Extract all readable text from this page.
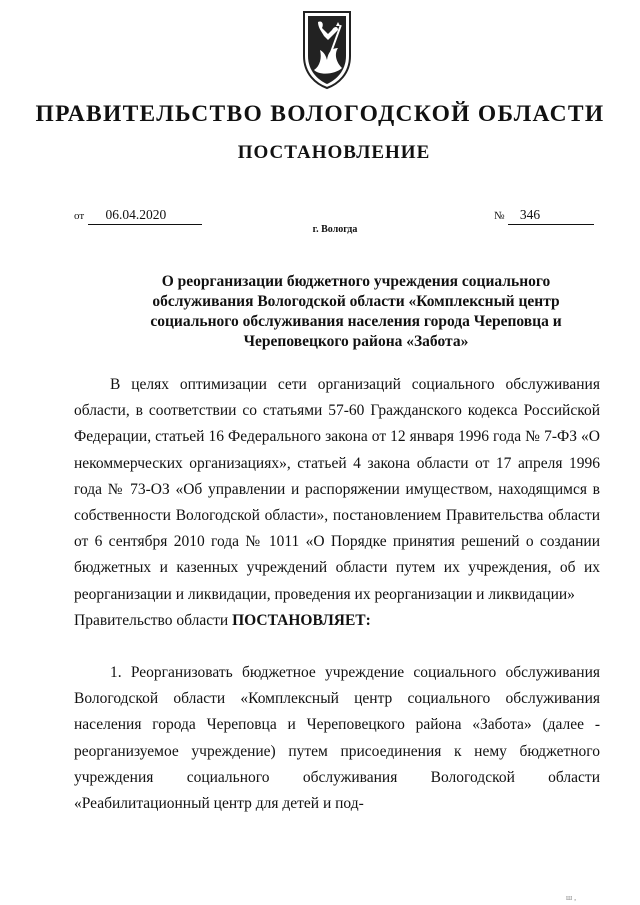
ПРАВИТЕЛЬСТВО ВОЛОГОДСКОЙ ОБЛАСТИ
ПОСТАНОВЛЕНИЕ
от 06.04.2020	№ 346
г. Вологда
О реорганизации бюджетного учреждения социального обслуживания Вологодской области «Комплексный центр социального обслуживания населения города Череповца и Череповецкого района «Забота»

В целях оптимизации сети организаций социального обслуживания области, в соответствии со статьями 57-60 Гражданского кодекса Российской Федерации, статьей 16 Федерального закона от 12 января 1996 года № 7-ФЗ «О некоммерческих организациях», статьей 4 закона области от 17 апреля 1996 года № 73-ОЗ «Об управлении и распоряжении имуществом, находящимся в собственности Вологодской области», постановлением Правительства области от 6 сентября 2010 года № 1011 «О Порядке принятия решений о создании бюджетных и казенных учреждений области путем их учреждения, об их реорганизации и ликвидации, проведения их реорганизации и ликвидации»

Правительство области ПОСТАНОВЛЯЕТ:

1. Реорганизовать бюджетное учреждение социального обслуживания Вологодской области «Комплексный центр социального обслуживания населения города Череповца и Череповецкого района «Забота» (далее - реорганизуемое учреждение) путем присоединения к нему бюджетного учреждения социального обслуживания Вологодской области «Реабилитационный центр для детей и под-

ш ,
